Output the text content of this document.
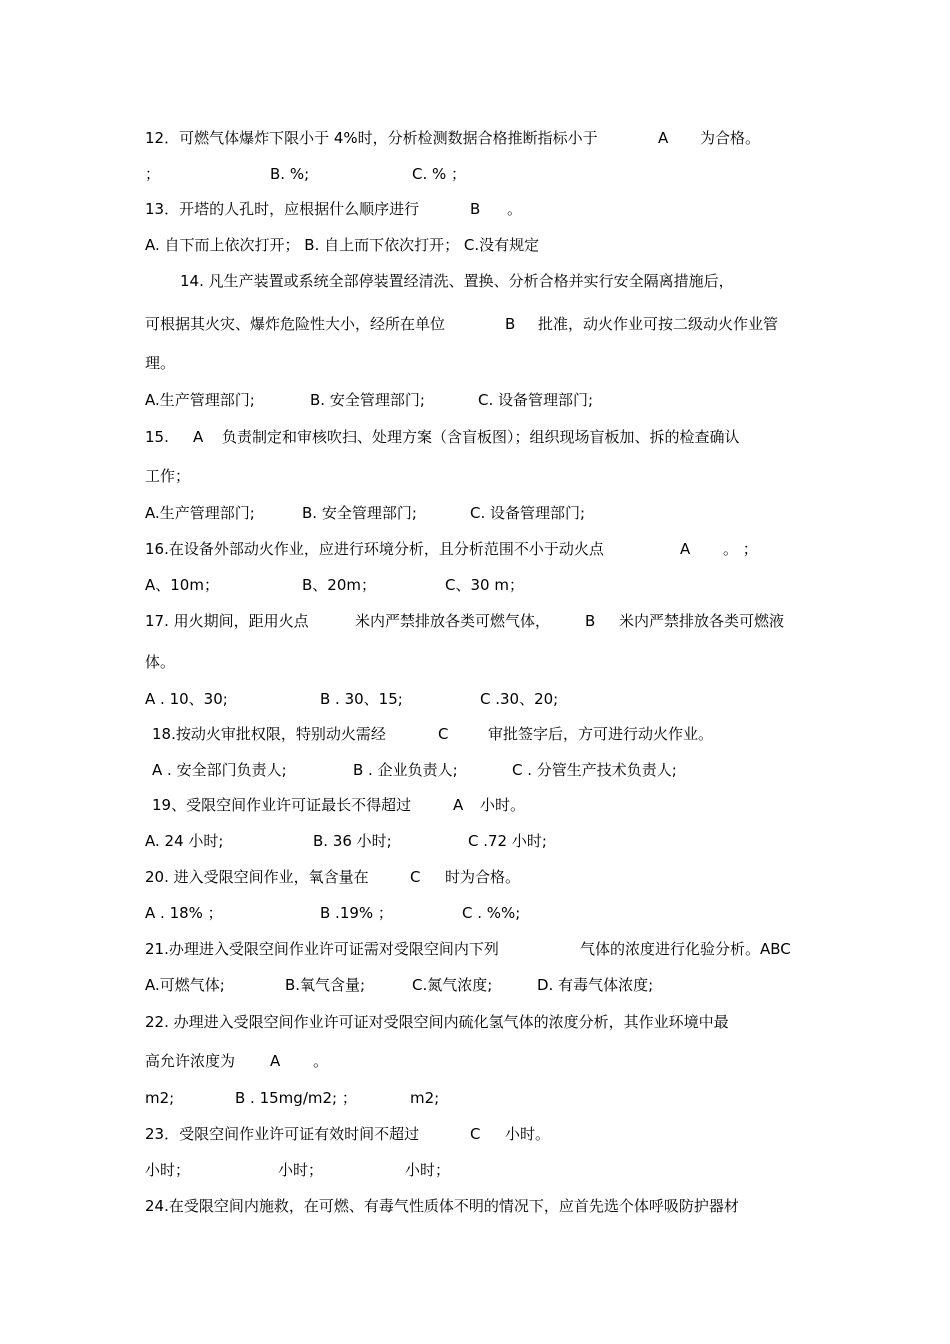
12．可燃气体爆炸下限小于 4%时，分析检测数据合格推断指标小于	A 为合格。
；	B. %;	C. % ；
13．开塔的人孔时，应根据什么顺序进行	B 。
A. 自下而上依次打开； B. 自上而下依次打开； C.没有规定
14. 凡生产装置或系统全部停装置经清洗、置换、分析合格并实行安全隔离措施后，
可根据其火灾、爆炸危险性大小，经所在单位	B 批准，动火作业可按二级动火作业管
理。
A.生产管理部门;	B. 安全管理部门;	C. 设备管理部门;
15. A 负责制定和审核吹扫、处理方案（含盲板图）；组织现场盲板加、拆的检查确认
工作；
A.生产管理部门;	B. 安全管理部门;	C. 设备管理部门;
16.在设备外部动火作业，应进行环境分析，且分析范围不小于动火点	A 。 ；
A、10m；	B、20m；	C、30 m；
17. 用火期间，距用火点	米内严禁排放各类可燃气体， B 米内严禁排放各类可燃液
体。
A . 10、30;	B . 30、15;	C .30、20;
18.按动火审批权限，特别动火需经	C	审批签字后，方可进行动火作业。
A . 安全部门负责人;	B . 企业负责人;	C . 分管生产技术负责人;
19、受限空间作业许可证最长不得超过	A 小时。
A. 24 小时;	B. 36 小时;	C .72 小时;
20. 进入受限空间作业，氧含量在	C 时为合格。
A . 18% ；	B .19% ；	C . %%;
21.办理进入受限空间作业许可证需对受限空间内下列	气体的浓度进行化验分析。ABC
A.可燃气体;	B.氧气含量;	C.氮气浓度;	D. 有毒气体浓度;
22. 办理进入受限空间作业许可证对受限空间内硫化氢气体的浓度分析，其作业环境中最
高允许浓度为 A 。
m2;	B . 15mg/m2; ；	m2;
23．受限空间作业许可证有效时间不超过	C 小时。
小时；	小时；	小时；
24.在受限空间内施救，在可燃、有毒气性质体不明的情况下，应首先选个体呼吸防护器材
